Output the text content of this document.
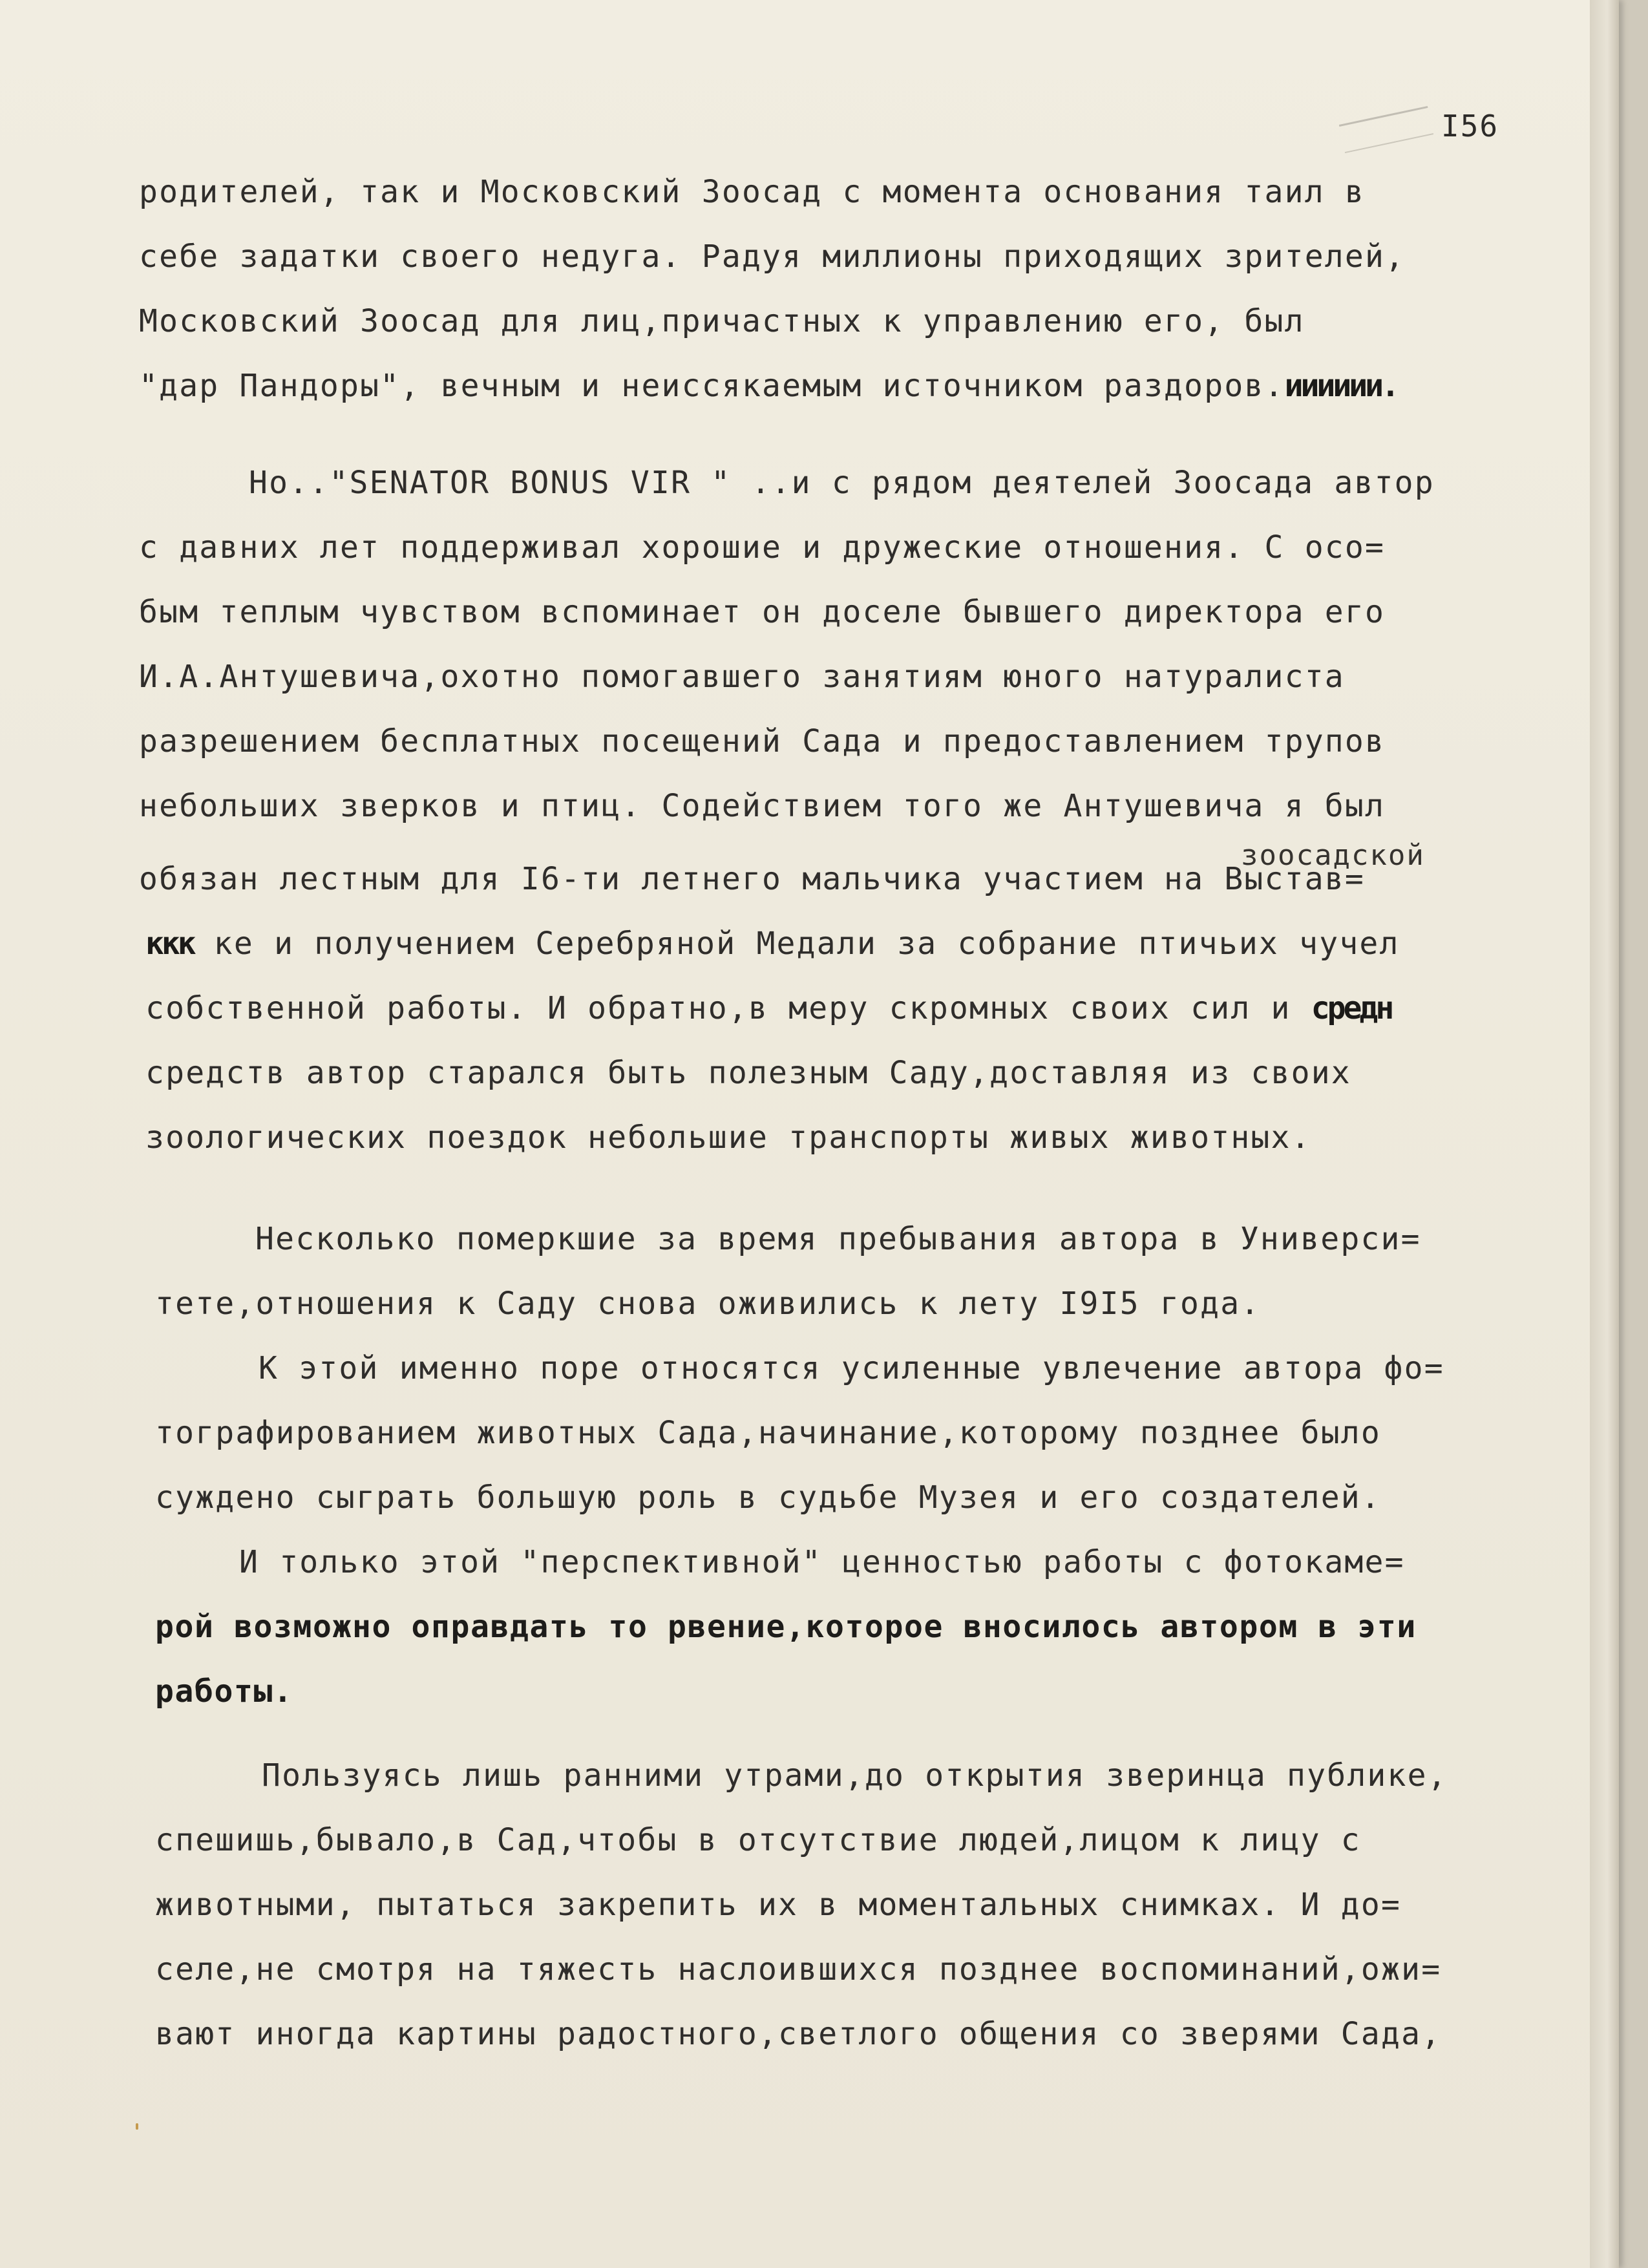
I56

зоосадской

родителей, так и Московский Зоосад с момента основания таил в

себе задатки своего недуга. Радуя миллионы приходящих зрителей,

Московский Зоосад для лиц,причастных к управлению его, был

"дар Пандоры", вечным и неиссякаемым источником раздоров.ииииии.

Но.."SENATOR BONUS VIR " ..и с рядом деятелей Зоосада автор

с давних лет поддерживал хорошие и дружеские отношения. С осо=

бым теплым чувством вспоминает он доселе бывшего директора его

И.А.Антушевича,охотно помогавшего занятиям юного натуралиста

разрешением бесплатных посещений Сада и предоставлением трупов

небольших зверков и птиц. Содействием того же Антушевича я был

обязан лестным для I6-ти летнего мальчика участием на Выстав=

ккк ке и получением Серебряной Медали за собрание птичьих чучел

собственной работы. И обратно,в меру скромных своих сил и средн

средств автор старался быть полезным Саду,доставляя из своих

зоологических поездок небольшие транспорты живых животных.

Несколько померкшие за время пребывания автора в Универси=

тете,отношения к Саду снова оживились к лету I9I5 года.

К этой именно поре относятся усиленные увлечение автора фо=

тографированием животных Сада,начинание,которому позднее было

суждено сыграть большую роль в судьбе Музея и его создателей.

И только этой "перспективной" ценностью работы с фотокаме=

рой возможно оправдать то рвение,которое вносилось автором в эти

работы.

Пользуясь лишь ранними утрами,до открытия зверинца публике,

спешишь,бывало,в Сад,чтобы в отсутствие людей,лицом к лицу с

животными, пытаться закрепить их в моментальных снимках. И до=

селе,не смотря на тяжесть наслоившихся позднее воспоминаний,ожи=

вают иногда картины радостного,светлого общения со зверями Сада,
